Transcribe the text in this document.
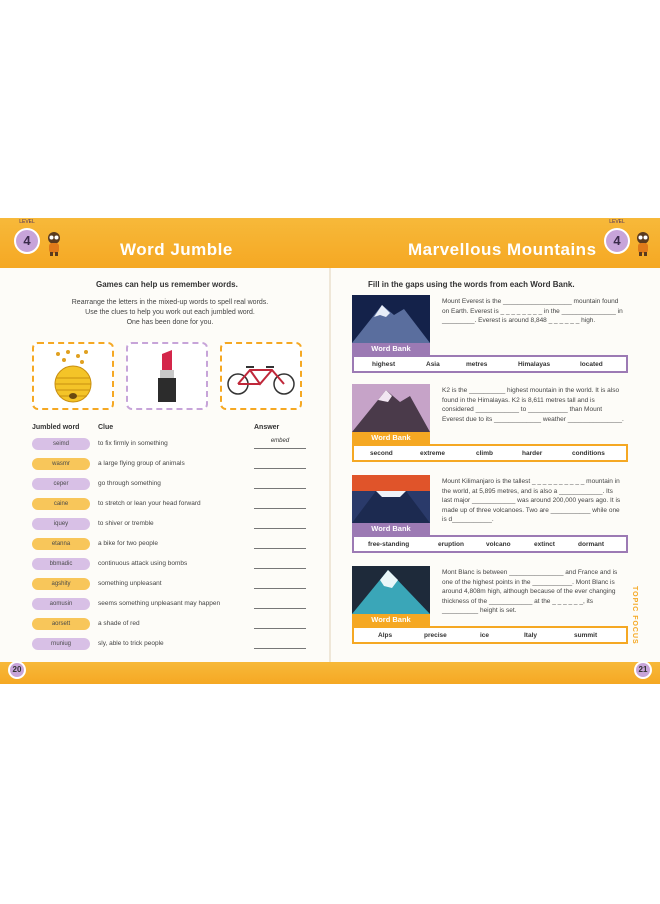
4
LEVEL
Word Jumble	Marvellous Mountains	4
LEVEL
Games can help us remember words.
Rearrange the letters in the mixed-up words to spell real words.
Use the clues to help you work out each jumbled word.
One has been done for you.
Jumbled word	Clue	Answer
seimd	to fix firmly in something	embed
wasmr	a large flying group of animals
ceper	go through something
caine	to stretch or lean your head forward
iquey	to shiver or tremble
etanna	a bike for two people
bbmadic	continuous attack using bombs
agshity	something unpleasant
aomusin	seems something unpleasant may happen
aorsett	a shade of red
rnuniug	sly, able to trick people
Fill in the gaps using the words from each Word Bank.
Mount Everest is the ___________________ mountain found on Earth. Everest is _ _ _ _ _ _ _ _ in the _______________ in _________. Everest is around 8,848 _ _ _ _ _ _ high.
Word Bank
highest	Asia	metres	Himalayas	located
K2 is the __________ highest mountain in the world. It is also found in the Himalayas. K2 is 8,611 metres tall and is considered ____________ to ___________ than Mount Everest due to its _____________ weather _______________.
Word Bank
second	extreme	climb	harder	conditions
Mount Kilimanjaro is the tallest _ _ _ _ _ _ _ _ _ _ mountain in the world, at 5,895 metres, and is also a ____________. Its last major ____________ was around 200,000 years ago. It is made up of three volcanoes. Two are ___________ while one is d___________.
Word Bank
free-standing	eruption	volcano	extinct	dormant
Mont Blanc is between _______________ and France and is one of the highest points in the ___________. Mont Blanc is around 4,808m high, although because of the ever changing thickness of the ____________ at the _ _ _ _ _ _, its __________ height is set.
Word Bank
Alps	precise	ice	Italy	summit	TOPIC FOCUS
20	21
